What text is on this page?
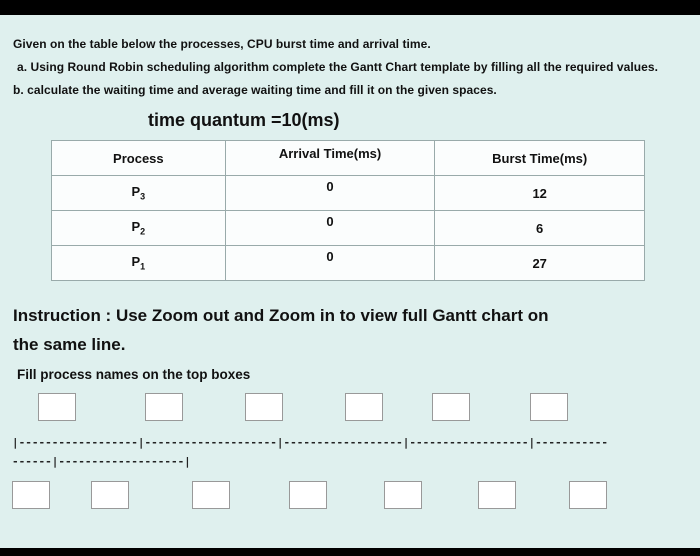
Given on the table below the processes, CPU burst time and arrival time.
a. Using Round Robin scheduling algorithm complete the Gantt Chart template by filling all the required values.
b. calculate the waiting time and average waiting time and fill it on the given spaces.
time quantum =10(ms)
Process	Arrival Time(ms)	Burst Time(ms)
$P_3$	0	12
$P_2$	0	6
$P_1$	0	27
Instruction : Use Zoom out and Zoom in to view full Gantt chart on
the same line.
Fill process names on the top boxes
|------------------|--------------------|------------------|------------------|-----------
------|-------------------|
